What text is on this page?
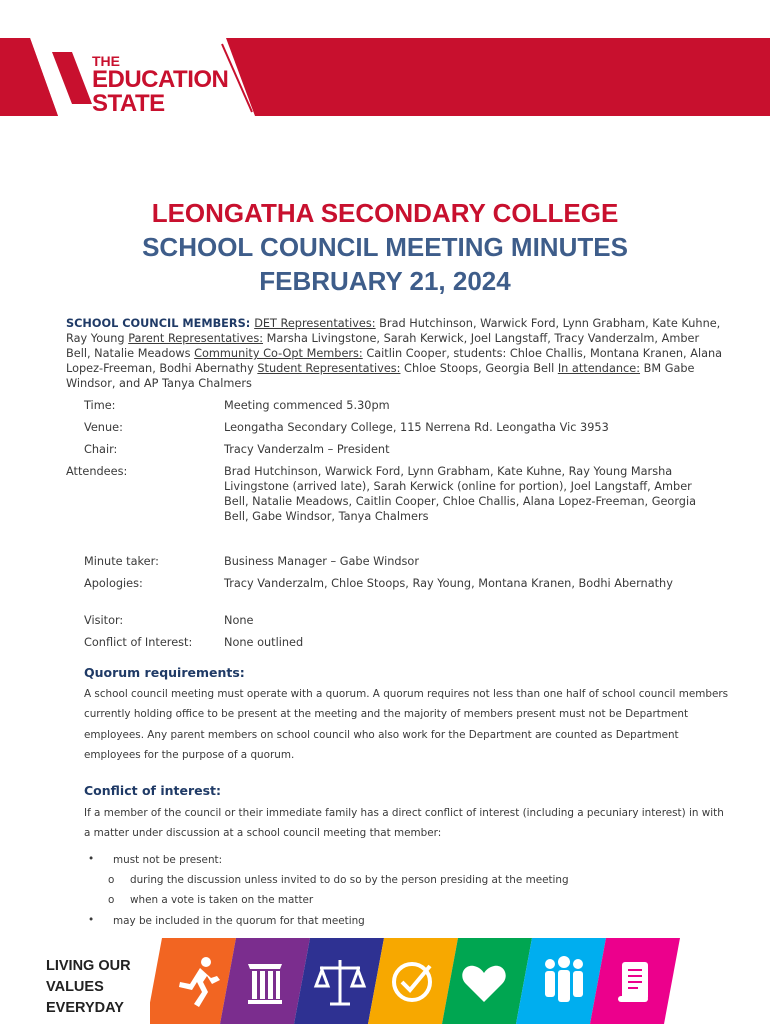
THE
EDUCATION
STATE
LEONGATHA SECONDARY COLLEGE
SCHOOL COUNCIL MEETING MINUTES
FEBRUARY 21, 2024
SCHOOL COUNCIL MEMBERS: DET Representatives: Brad Hutchinson, Warwick Ford, Lynn Grabham, Kate Kuhne, Ray Young Parent Representatives: Marsha Livingstone, Sarah Kerwick, Joel Langstaff, Tracy Vanderzalm, Amber Bell, Natalie Meadows Community Co-Opt Members: Caitlin Cooper, students: Chloe Challis, Montana Kranen, Alana Lopez-Freeman, Bodhi Abernathy Student Representatives: Chloe Stoops, Georgia Bell In attendance: BM Gabe Windsor, and AP Tanya Chalmers
Time:	Meeting commenced 5.30pm
Venue:	Leongatha Secondary College, 115 Nerrena Rd. Leongatha Vic 3953
Chair:	Tracy Vanderzalm – President
Attendees:	Brad Hutchinson, Warwick Ford, Lynn Grabham, Kate Kuhne, Ray Young Marsha Livingstone (arrived late), Sarah Kerwick (online for portion), Joel Langstaff, Amber Bell, Natalie Meadows, Caitlin Cooper, Chloe Challis, Alana Lopez-Freeman, Georgia Bell, Gabe Windsor, Tanya Chalmers
Minute taker:	Business Manager – Gabe Windsor
Apologies:	Tracy Vanderzalm, Chloe Stoops, Ray Young, Montana Kranen, Bodhi Abernathy
Visitor:	None
Conflict of Interest:	None outlined
Quorum requirements:
A school council meeting must operate with a quorum. A quorum requires not less than one half of school council members currently holding office to be present at the meeting and the majority of members present must not be Department employees. Any parent members on school council who also work for the Department are counted as Department employees for the purpose of a quorum.
Conflict of interest:
If a member of the council or their immediate family has a direct conflict of interest (including a pecuniary interest) in with a matter under discussion at a school council meeting that member:
• must not be present:
o during the discussion unless invited to do so by the person presiding at the meeting
o when a vote is taken on the matter
• may be included in the quorum for that meeting
LIVING OUR
VALUES
EVERYDAY
